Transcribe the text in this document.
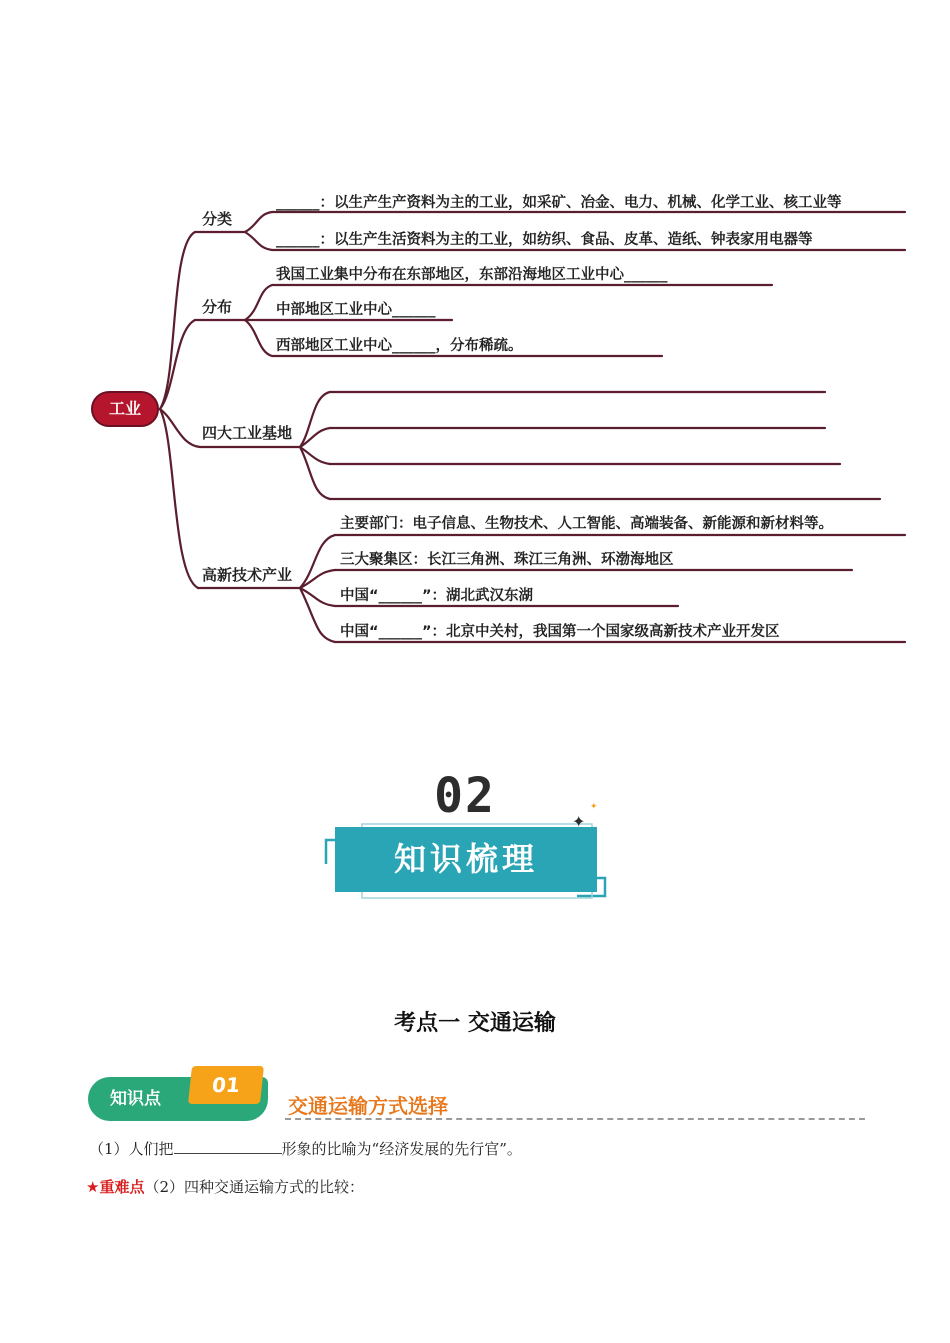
工业
分类
分布
四大工业基地
高新技术产业
______：以生产生产资料为主的工业，如采矿、冶金、电力、机械、化学工业、核工业等
______：以生产生活资料为主的工业，如纺织、食品、皮革、造纸、钟表家用电器等
我国工业集中分布在东部地区，东部沿海地区工业中心______
中部地区工业中心______
西部地区工业中心______，分布稀疏。
主要部门：电子信息、生物技术、人工智能、高端装备、新能源和新材料等。
三大聚集区：长江三角洲、珠江三角洲、环渤海地区
中国“______”：湖北武汉东湖
中国“______”：北京中关村，我国第一个国家级高新技术产业开发区
02
知识梳理
✦
✦
考点一 交通运输
知识点
01
交通运输方式选择
（1）人们把	形象的比喻为“经济发展的先行官”。
★重难点（2）四种交通运输方式的比较：
